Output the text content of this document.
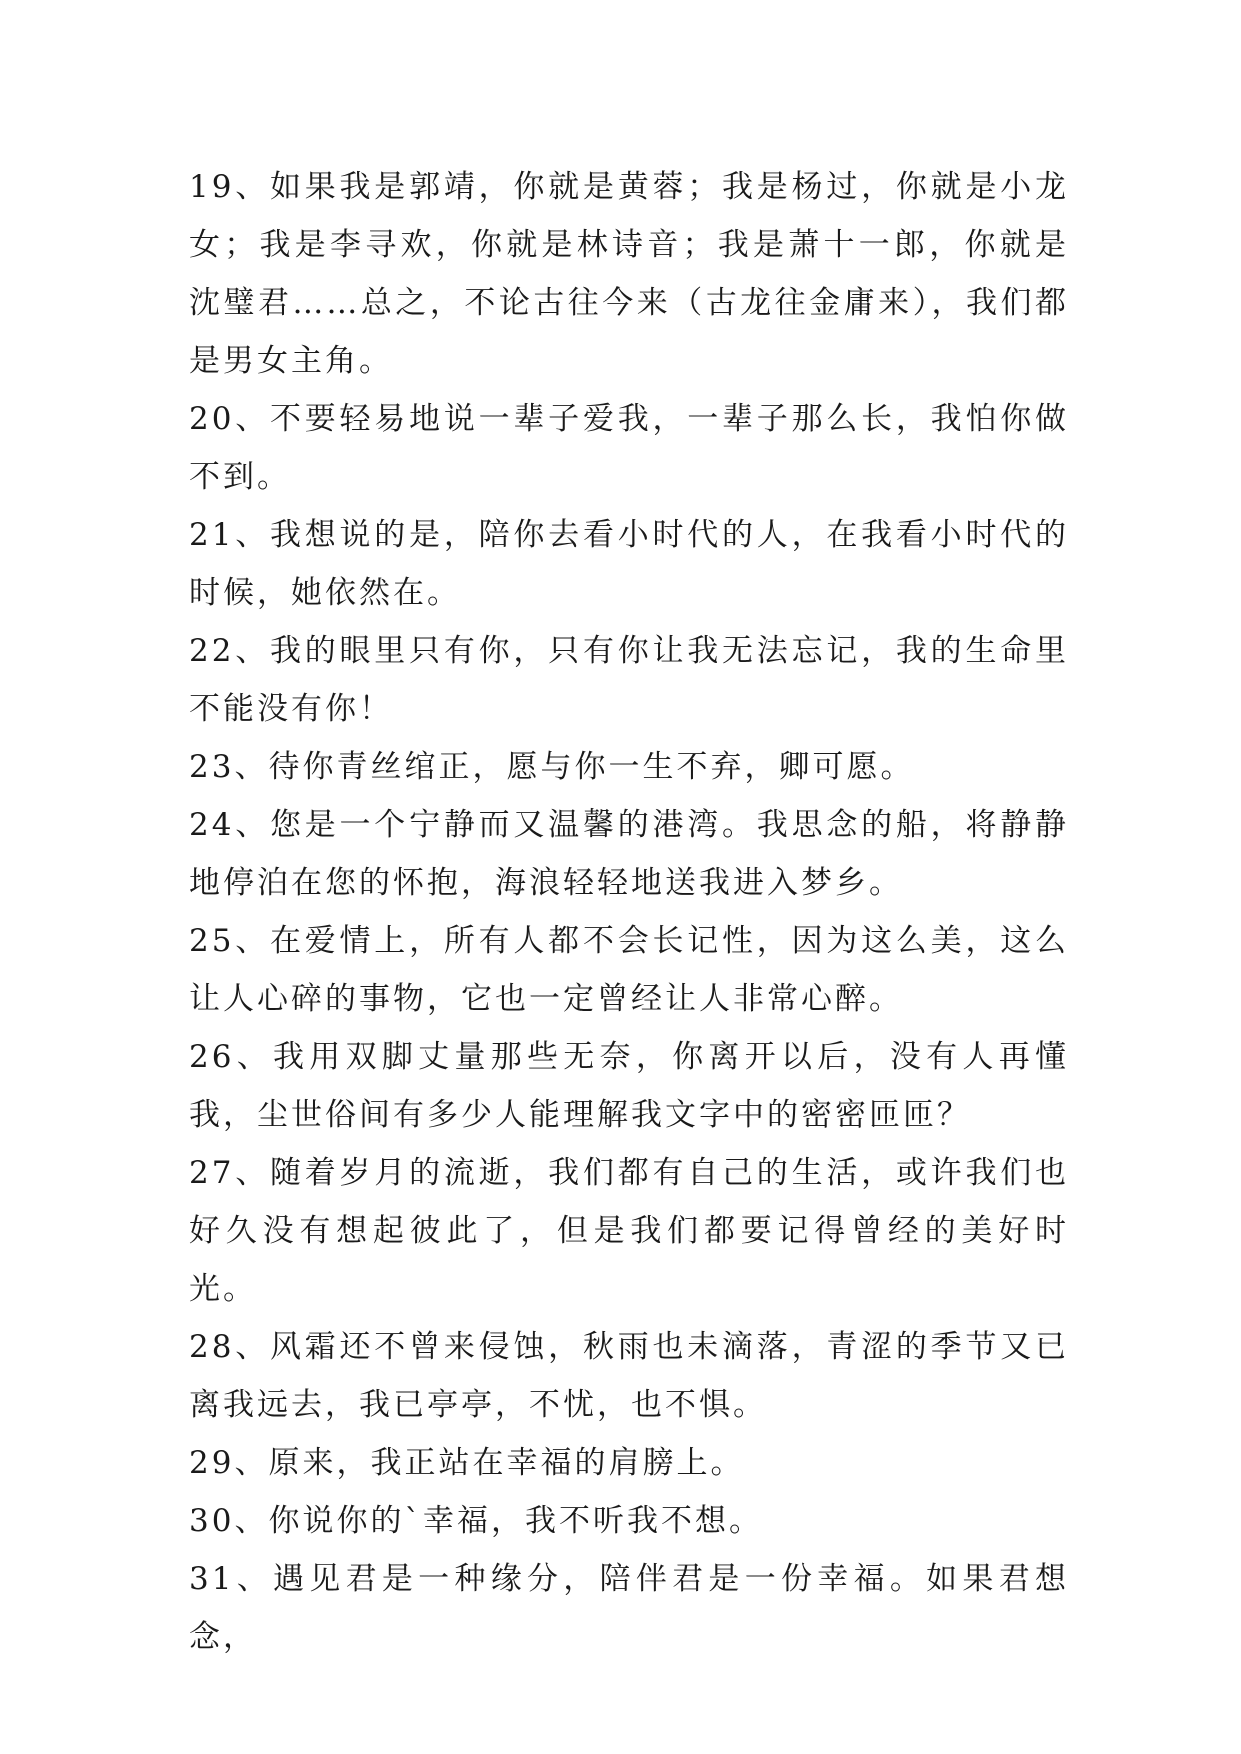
19、如果我是郭靖，你就是黄蓉；我是杨过，你就是小龙女；我是李寻欢，你就是林诗音；我是萧十一郎，你就是沈璧君……总之，不论古往今来（古龙往金庸来），我们都是男女主角。

20、不要轻易地说一辈子爱我，一辈子那么长，我怕你做不到。

21、我想说的是，陪你去看小时代的人，在我看小时代的时候，她依然在。

22、我的眼里只有你，只有你让我无法忘记，我的生命里不能没有你！

23、待你青丝绾正，愿与你一生不弃，卿可愿。

24、您是一个宁静而又温馨的港湾。我思念的船，将静静地停泊在您的怀抱，海浪轻轻地送我进入梦乡。

25、在爱情上，所有人都不会长记性，因为这么美，这么让人心碎的事物，它也一定曾经让人非常心醉。

26、我用双脚丈量那些无奈，你离开以后，没有人再懂我，尘世俗间有多少人能理解我文字中的密密匝匝？

27、随着岁月的流逝，我们都有自己的生活，或许我们也好久没有想起彼此了，但是我们都要记得曾经的美好时光。

28、风霜还不曾来侵蚀，秋雨也未滴落，青涩的季节又已离我远去，我已亭亭，不忧，也不惧。

29、原来，我正站在幸福的肩膀上。

30、你说你的`幸福，我不听我不想。

31、遇见君是一种缘分，陪伴君是一份幸福。如果君想念，
